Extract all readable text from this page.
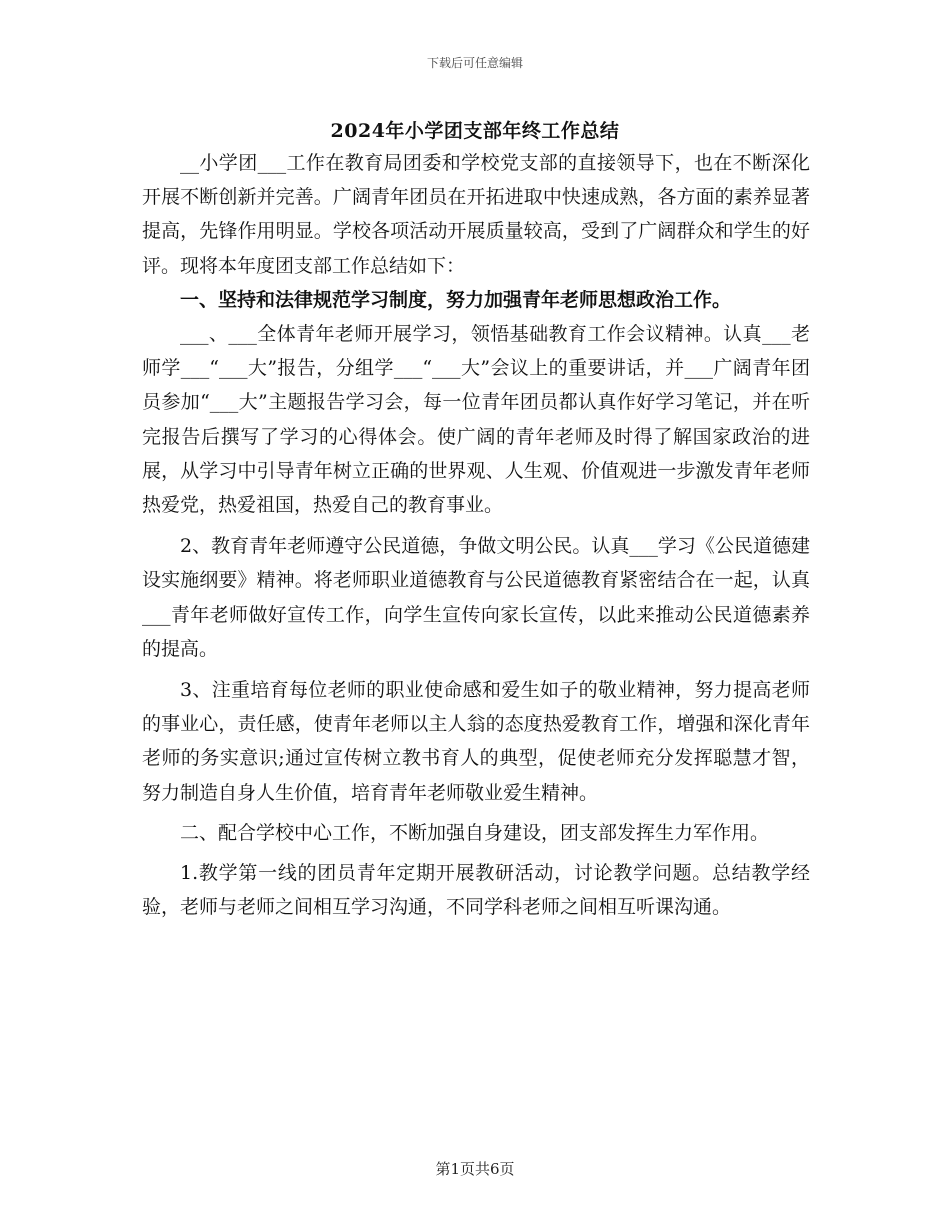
下载后可任意编辑
2024年小学团支部年终工作总结

__小学团___工作在教育局团委和学校党支部的直接领导下，也在不断深化开展不断创新并完善。广阔青年团员在开拓进取中快速成熟，各方面的素养显著提高，先锋作用明显。学校各项活动开展质量较高，受到了广阔群众和学生的好评。现将本年度团支部工作总结如下：

一、坚持和法律规范学习制度，努力加强青年老师思想政治工作。

___、___全体青年老师开展学习，领悟基础教育工作会议精神。认真___老师学___“___大”报告，分组学___“___大”会议上的重要讲话，并___广阔青年团员参加“___大”主题报告学习会，每一位青年团员都认真作好学习笔记，并在听完报告后撰写了学习的心得体会。使广阔的青年老师及时得了解国家政治的进展，从学习中引导青年树立正确的世界观、人生观、价值观进一步激发青年老师热爱党，热爱祖国，热爱自己的教育事业。

2、教育青年老师遵守公民道德，争做文明公民。认真___学习《公民道德建设实施纲要》精神。将老师职业道德教育与公民道德教育紧密结合在一起，认真___青年老师做好宣传工作，向学生宣传向家长宣传，以此来推动公民道德素养的提高。

3、注重培育每位老师的职业使命感和爱生如子的敬业精神，努力提高老师的事业心，责任感，使青年老师以主人翁的态度热爱教育工作，增强和深化青年老师的务实意识;通过宣传树立教书育人的典型，促使老师充分发挥聪慧才智，努力制造自身人生价值，培育青年老师敬业爱生精神。

二、配合学校中心工作，不断加强自身建设，团支部发挥生力军作用。

1.教学第一线的团员青年定期开展教研活动，讨论教学问题。总结教学经验，老师与老师之间相互学习沟通，不同学科老师之间相互听课沟通。

第1页共6页
